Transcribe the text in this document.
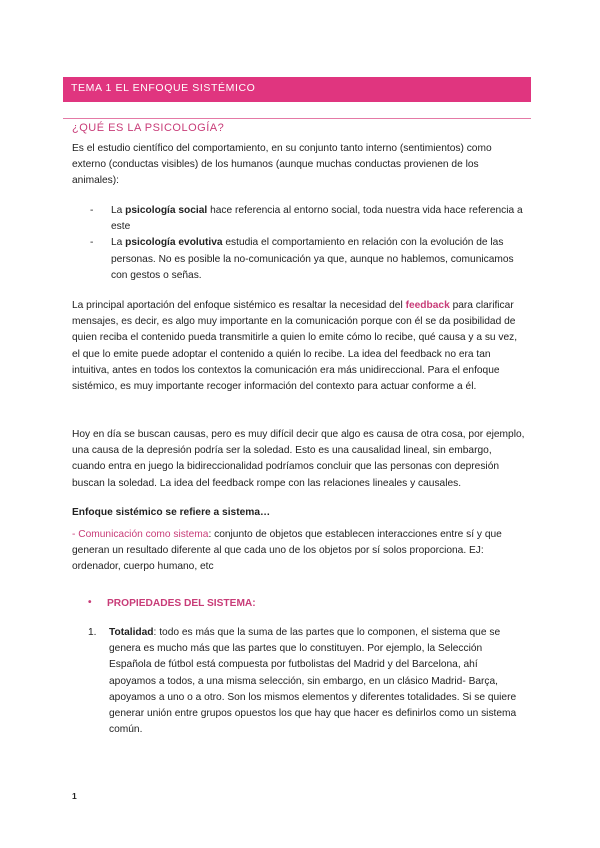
TEMA 1 EL ENFOQUE SISTÉMICO
¿QUÉ ES LA PSICOLOGÍA?

Es el estudio científico del comportamiento, en su conjunto tanto interno (sentimientos) como externo (conductas visibles) de los humanos (aunque muchas conductas provienen de los animales):

- La psicología social hace referencia al entorno social, toda nuestra vida hace referencia a este
- La psicología evolutiva estudia el comportamiento en relación con la evolución de las personas. No es posible la no-comunicación ya que, aunque no hablemos, comunicamos con gestos o señas.

La principal aportación del enfoque sistémico es resaltar la necesidad del feedback para clarificar mensajes, es decir, es algo muy importante en la comunicación porque con él se da posibilidad de quien reciba el contenido pueda transmitirle a quien lo emite cómo lo recibe, qué causa y a su vez, el que lo emite puede adoptar el contenido a quién lo recibe. La idea del feedback no era tan intuitiva, antes en todos los contextos la comunicación era más unidireccional. Para el enfoque sistémico, es muy importante recoger información del contexto para actuar conforme a él.

Hoy en día se buscan causas, pero es muy difícil decir que algo es causa de otra cosa, por ejemplo, una causa de la depresión podría ser la soledad. Esto es una causalidad lineal, sin embargo, cuando entra en juego la bidireccionalidad podríamos concluir que las personas con depresión buscan la soledad. La idea del feedback rompe con las relaciones lineales y causales.

Enfoque sistémico se refiere a sistema…

- Comunicación como sistema: conjunto de objetos que establecen interacciones entre sí y que generan un resultado diferente al que cada uno de los objetos por sí solos proporciona. EJ: ordenador, cuerpo humano, etc

• PROPIEDADES DEL SISTEMA:
1. Totalidad: todo es más que la suma de las partes que lo componen, el sistema que se genera es mucho más que las partes que lo constituyen. Por ejemplo, la Selección Española de fútbol está compuesta por futbolistas del Madrid y del Barcelona, ahí apoyamos a todos, a una misma selección, sin embargo, en un clásico Madrid- Barça, apoyamos a uno o a otro. Son los mismos elementos y diferentes totalidades. Si se quiere generar unión entre grupos opuestos los que hay que hacer es definirlos como un sistema común.
1
